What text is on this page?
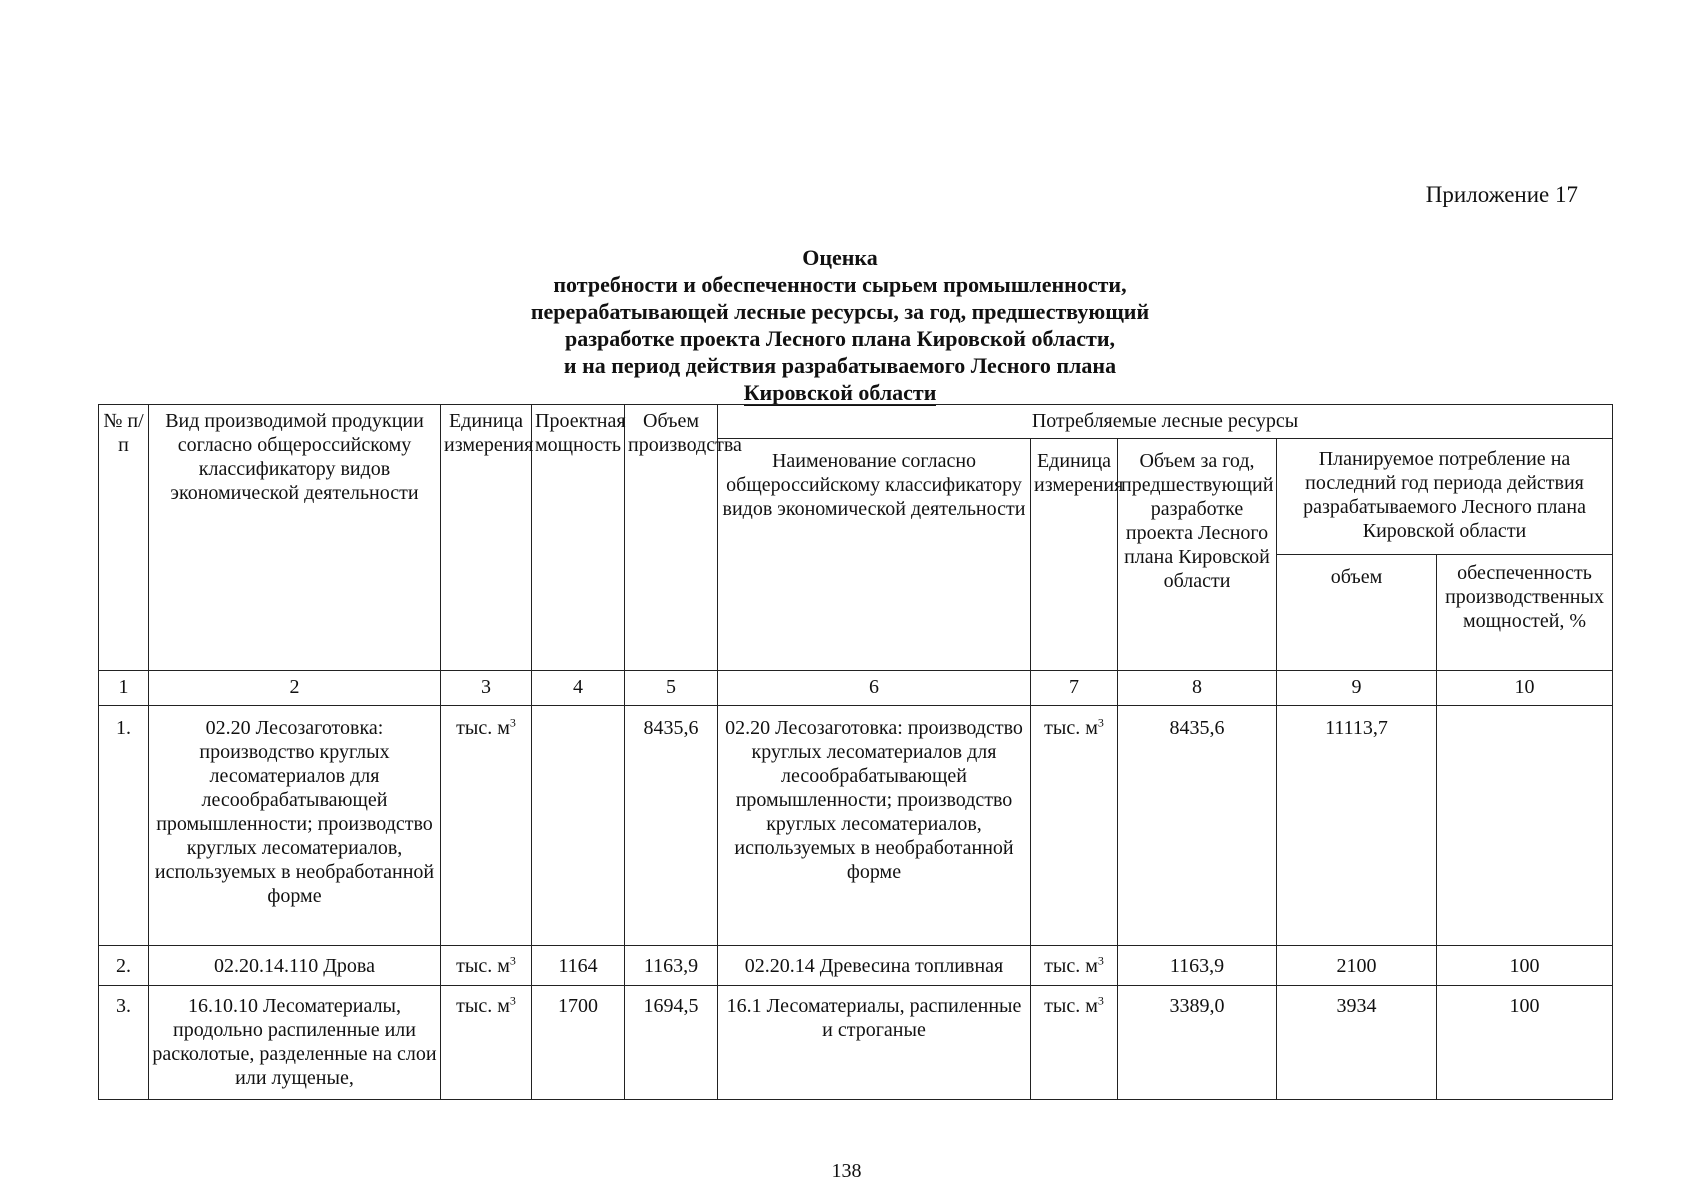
Приложение 17
Оценка
потребности и обеспеченности сырьем промышленности,
перерабатывающей лесные ресурсы, за год, предшествующий
разработке проекта Лесного плана Кировской области,
и на период действия разрабатываемого Лесного плана
Кировской области
№ п/п	Вид производимой продукции согласно общероссийскому классификатору видов экономической деятельности	Единица измерения	Проектная мощность	Объем производства	Потребляемые лесные ресурсы				
					Наименование согласно общероссийскому классификатору видов экономической деятельности	Единица измерения	Объем за год, предшествующий разработке проекта Лесного плана Кировской области	Планируемое потребление на последний год периода действия разрабатываемого Лесного плана Кировской области	
								объем	обеспеченность производственных мощностей, %
1	2	3	4	5	6	7	8	9	10
1.	02.20 Лесозаготовка: производство круглых лесоматериалов для лесообрабатывающей промышленности; производство круглых лесоматериалов, используемых в необработанной форме	тыс. $м^3$		8435,6	02.20 Лесозаготовка: производство круглых лесоматериалов для лесообрабатывающей промышленности; производство круглых лесоматериалов, используемых в необработанной форме	тыс. $м^3$	8435,6	11113,7	
2.	02.20.14.110 Дрова	тыс. $м^3$	1164	1163,9	02.20.14 Древесина топливная	тыс. $м^3$	1163,9	2100	100
3.	16.10.10 Лесоматериалы, продольно распиленные или расколотые, разделенные на слои или лущеные,	тыс. $м^3$	1700	1694,5	16.1 Лесоматериалы, распиленные и строганые	тыс. $м^3$	3389,0	3934	100
138
